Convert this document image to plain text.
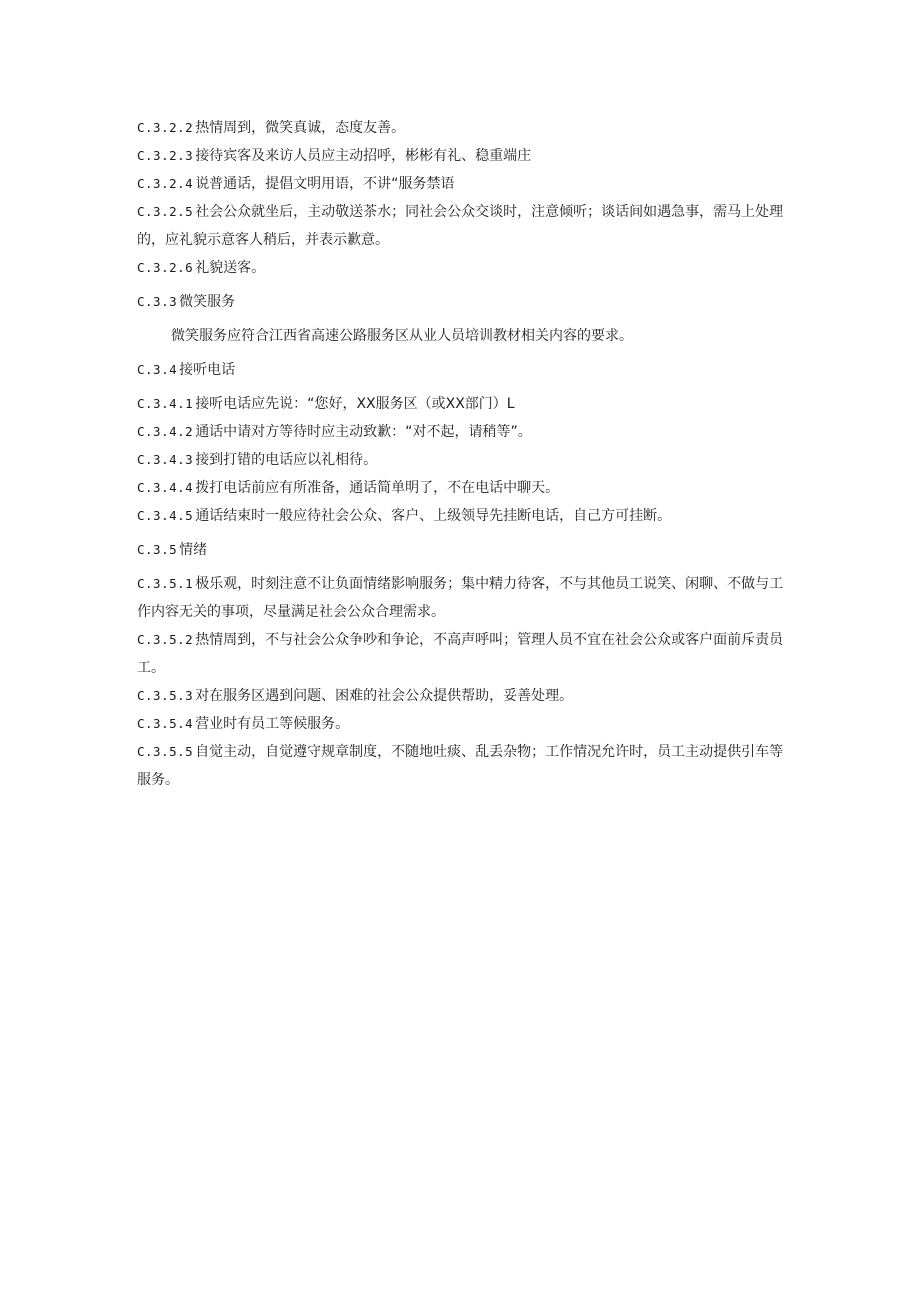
C.3.2.2 热情周到，微笑真诚，态度友善。

C.3.2.3 接待宾客及来访人员应主动招呼，彬彬有礼、稳重端庄

C.3.2.4 说普通话，提倡文明用语，不讲“服务禁语

C.3.2.5 社会公众就坐后，主动敬送茶水；同社会公众交谈时，注意倾听；谈话间如遇急事，需马上处理的，应礼貌示意客人稍后，并表示歉意。

C.3.2.6 礼貌送客。

C.3.3 微笑服务

微笑服务应符合江西省高速公路服务区从业人员培训教材相关内容的要求。

C.3.4 接听电话

C.3.4.1 接听电话应先说：“您好，XX服务区（或XX部门）L

C.3.4.2 通话中请对方等待时应主动致歉：“对不起，请稍等”。

C.3.4.3 接到打错的电话应以礼相待。

C.3.4.4 拨打电话前应有所准备，通话简单明了，不在电话中聊天。

C.3.4.5 通话结束时一般应待社会公众、客户、上级领导先挂断电话，自己方可挂断。

C.3.5 情绪

C.3.5.1 极乐观，时刻注意不让负面情绪影响服务；集中精力待客，不与其他员工说笑、闲聊、不做与工作内容无关的事项，尽量满足社会公众合理需求。

C.3.5.2 热情周到，不与社会公众争吵和争论，不高声呼叫；管理人员不宜在社会公众或客户面前斥责员工。

C.3.5.3 对在服务区遇到问题、困难的社会公众提供帮助，妥善处理。

C.3.5.4 营业时有员工等候服务。

C.3.5.5 自觉主动，自觉遵守规章制度，不随地吐痰、乱丢杂物；工作情况允许时，员工主动提供引车等服务。
